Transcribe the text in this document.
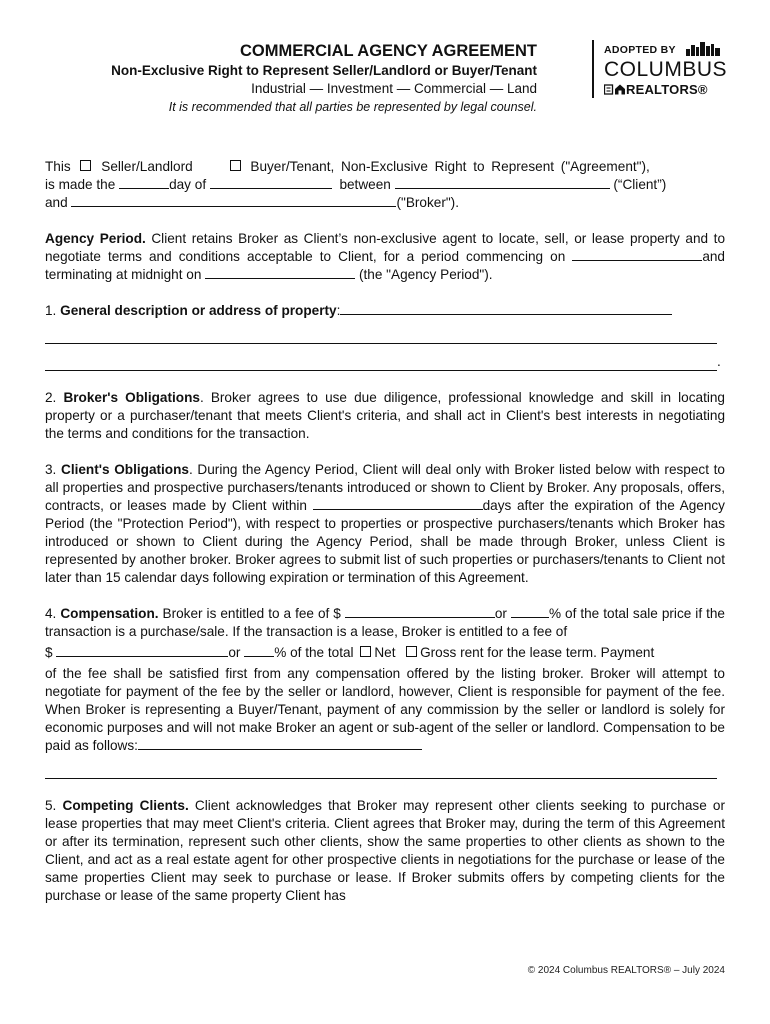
COMMERCIAL AGENCY AGREEMENT
Non-Exclusive Right to Represent Seller/Landlord or Buyer/Tenant
Industrial — Investment — Commercial — Land
It is recommended that all parties be represented by legal counsel.
ADOPTED BY
COLUMBUS
REALTORS®

This Seller/Landlord	Buyer/Tenant, Non-Exclusive Right to Represent ("Agreement"),

is made the	day of	between	(“Client”)

and	("Broker").

Agency Period. Client retains Broker as Client’s non-exclusive agent to locate, sell, or lease property and to negotiate terms and conditions acceptable to Client, for a period commencing on	and terminating at midnight on	(the "Agency Period").

1. General description or address of property:

.

2. Broker's Obligations. Broker agrees to use due diligence, professional knowledge and skill in locating property or a purchaser/tenant that meets Client's criteria, and shall act in Client's best interests in negotiating the terms and conditions for the transaction.

3. Client's Obligations. During the Agency Period, Client will deal only with Broker listed below with respect to all properties and prospective purchasers/tenants introduced or shown to Client by Broker. Any proposals, offers, contracts, or leases made by Client within	days after the expiration of the Agency Period (the "Protection Period"), with respect to properties or prospective purchasers/tenants which Broker has introduced or shown to Client during the Agency Period, shall be made through Broker, unless Client is represented by another broker. Broker agrees to submit list of such properties or purchasers/tenants to Client not later than 15 calendar days following expiration or termination of this Agreement.

4. Compensation. Broker is entitled to a fee of $	or	% of the total sale price if the transaction is a purchase/sale. If the transaction is a lease, Broker is entitled to a fee of

$	or % of the total Net Gross rent for the lease term. Payment

of the fee shall be satisfied first from any compensation offered by the listing broker. Broker will attempt to negotiate for payment of the fee by the seller or landlord, however, Client is responsible for payment of the fee. When Broker is representing a Buyer/Tenant, payment of any commission by the seller or landlord is solely for economic purposes and will not make Broker an agent or sub-agent of the seller or landlord. Compensation to be paid as follows:

5. Competing Clients. Client acknowledges that Broker may represent other clients seeking to purchase or lease properties that may meet Client's criteria. Client agrees that Broker may, during the term of this Agreement or after its termination, represent such other clients, show the same properties to other clients as shown to the Client, and act as a real estate agent for other prospective clients in negotiations for the purchase or lease of the same properties Client may seek to purchase or lease. If Broker submits offers by competing clients for the purchase or lease of the same property Client has

© 2024 Columbus REALTORS® – July 2024
